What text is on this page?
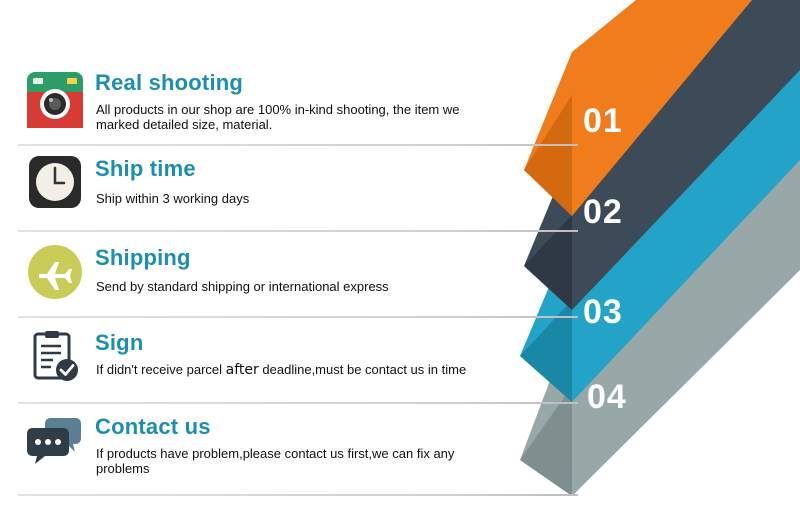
01
02
03
04
Real shooting
All products in our shop are 100% in-kind shooting, the item we marked detailed size, material.
Ship time
Ship within 3 working days
Shipping
Send by standard shipping or international express
Sign
If didn't receive parcel after deadline,must be contact us in time
Contact us
If products have problem,please contact us first,we can fix any problems
